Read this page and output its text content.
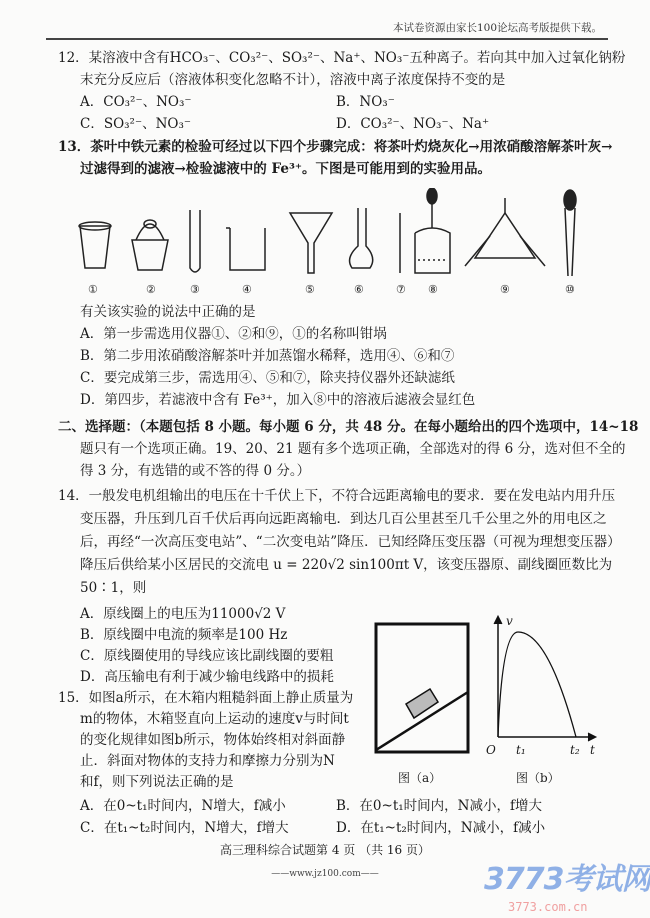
本试卷资源由家长100论坛高考版提供下载。
12．某溶液中含有HCO₃⁻、CO₃²⁻、SO₃²⁻、Na⁺、NO₃⁻五种离子。若向其中加入过氧化钠粉
末充分反应后（溶液体积变化忽略不计），溶液中离子浓度保持不变的是
A．CO₃²⁻、NO₃⁻	B．NO₃⁻
C．SO₃²⁻、NO₃⁻	D．CO₃²⁻、NO₃⁻、Na⁺
13．茶叶中铁元素的检验可经过以下四个步骤完成：将茶叶灼烧灰化→用浓硝酸溶解茶叶灰→
过滤得到的滤液→检验滤液中的 Fe³⁺。下图是可能用到的实验用品。
①	②	③	④	⑤	⑥	⑦ ⑧	⑨	⑩
有关该实验的说法中正确的是
A．第一步需选用仪器①、②和⑨，①的名称叫钳埚
B．第二步用浓硝酸溶解茶叶并加蒸馏水稀释，选用④、⑥和⑦
C．要完成第三步，需选用④、⑤和⑦，除夹持仪器外还缺滤纸
D．第四步，若滤液中含有 Fe³⁺，加入⑧中的溶液后滤液会显红色
二、选择题：（本题包括 8 小题。每小题 6 分，共 48 分。在每小题给出的四个选项中，14~18
题只有一个选项正确。19、20、21 题有多个选项正确，全部选对的得 6 分，选对但不全的
得 3 分，有选错的或不答的得 0 分。）
14．一般发电机组输出的电压在十千伏上下，不符合远距离输电的要求．要在发电站内用升压
变压器，升压到几百千伏后再向远距离输电．到达几百公里甚至几千公里之外的用电区之
后，再经“一次高压变电站”、“二次变电站”降压．已知经降压变压器（可视为理想变压器）
降压后供给某小区居民的交流电 u = 220√2 sin100πt V，该变压器原、副线圈匝数比为
50∶1，则
A．原线圈上的电压为11000√2 V
B．原线圈中电流的频率是100 Hz
C．原线圈使用的导线应该比副线圈的要粗
D．高压输电有利于减少输电线路中的损耗
15．如图a所示，在木箱内粗糙斜面上静止质量为
m的物体，木箱竖直向上运动的速度v与时间t
的变化规律如图b所示，物体始终相对斜面静
止．斜面对物体的支持力和摩擦力分别为N
和f，则下列说法正确的是
A．在0~t₁时间内，N增大，f减小	B．在0~t₁时间内，N减小，f增大
v
t
O t₁	t₂
图（a）	图（b）
C．在t₁~t₂时间内，N增大，f增大	D．在t₁~t₂时间内，N减小，f减小
高三理科综合试题第 4 页 （共 16 页）
——www.jz100.com——	3773考试网
3773.com.cn
